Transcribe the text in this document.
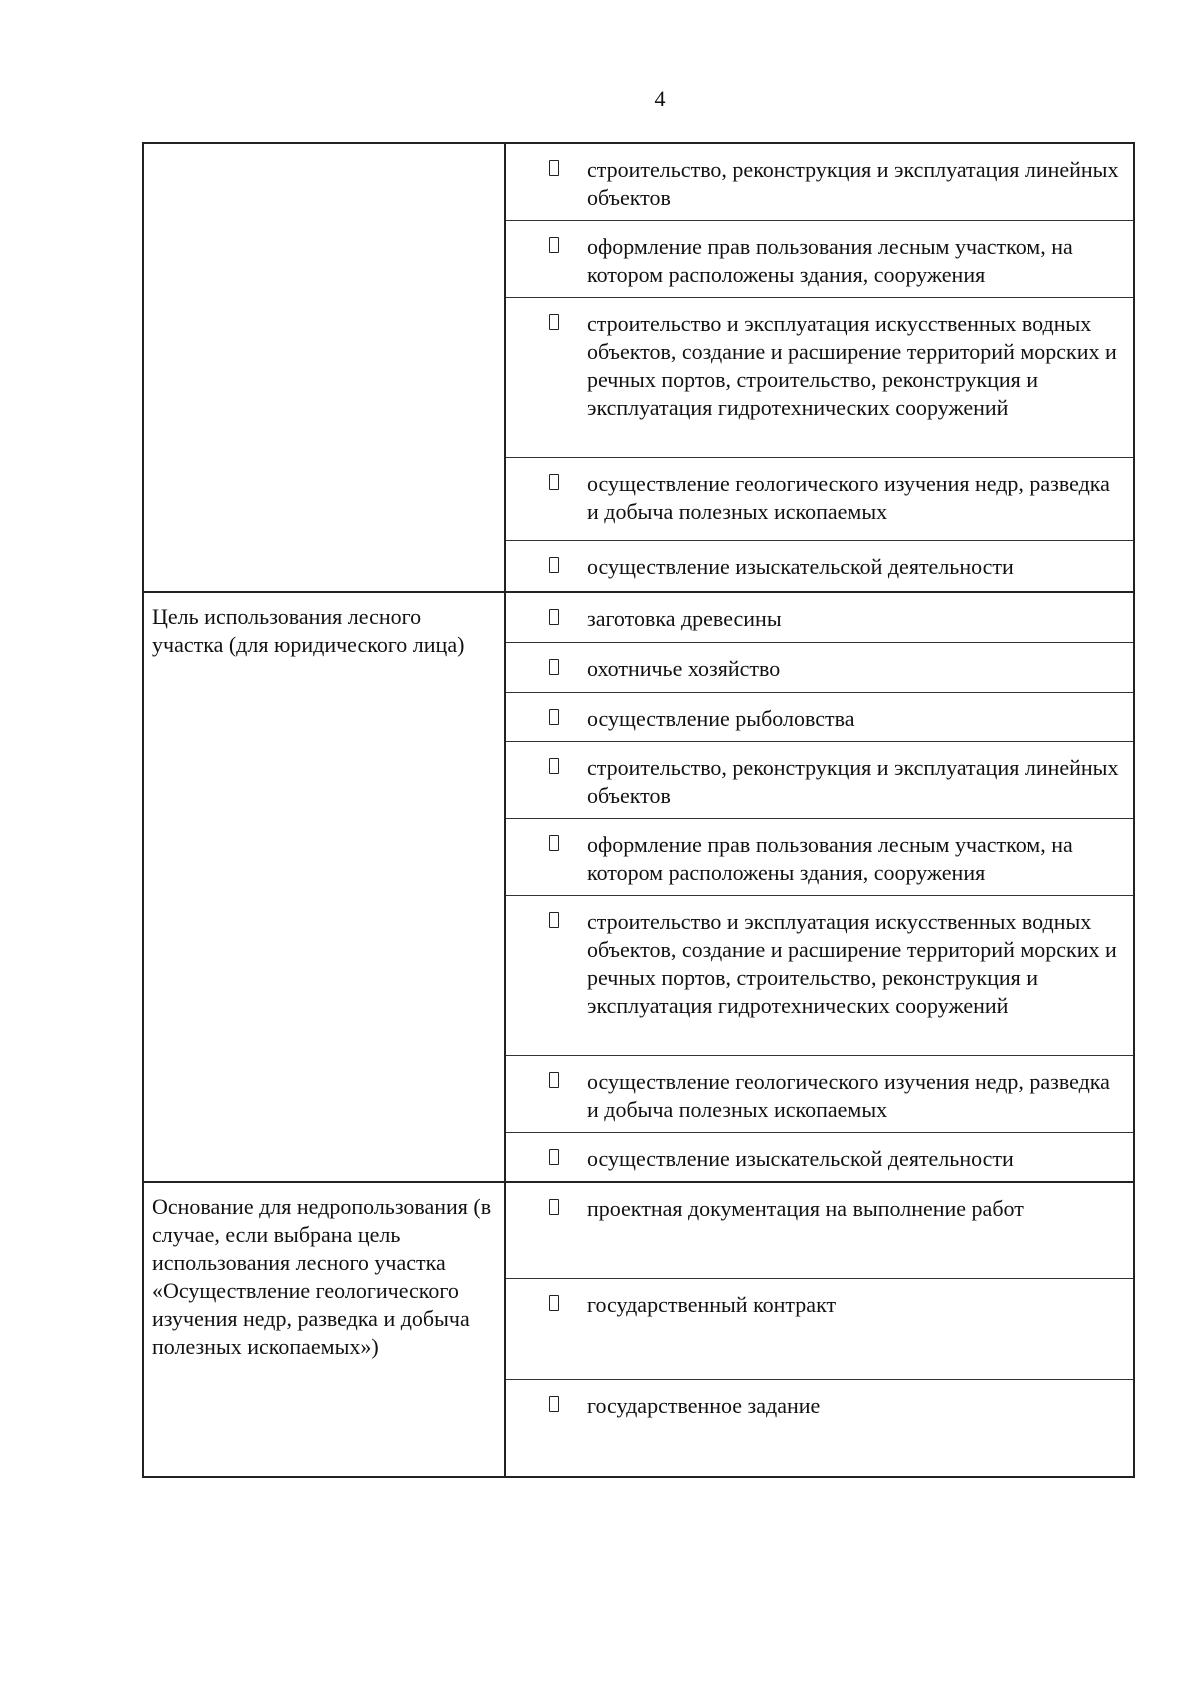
4
строительство, реконструкция и эксплуатация линейных объектов
оформление прав пользования лесным участком, на котором расположены здания, сооружения
строительство и эксплуатация искусственных водных объектов, создание и расширение территорий морских и речных портов, строительство, реконструкция и эксплуатация гидротехнических сооружений
осуществление геологического изучения недр, разведка и добыча полезных ископаемых
осуществление изыскательской деятельности
Цель использования лесного участка (для юридического лица)
заготовка древесины
охотничье хозяйство
осуществление рыболовства
строительство, реконструкция и эксплуатация линейных объектов
оформление прав пользования лесным участком, на котором расположены здания, сооружения
строительство и эксплуатация искусственных водных объектов, создание и расширение территорий морских и речных портов, строительство, реконструкция и эксплуатация гидротехнических сооружений
осуществление геологического изучения недр, разведка и добыча полезных ископаемых
осуществление изыскательской деятельности
Основание для недропользования (в случае, если выбрана цель использования лесного участка «Осуществление геологического изучения недр, разведка и добыча полезных ископаемых»)
проектная документация на выполнение работ
государственный контракт
государственное задание
